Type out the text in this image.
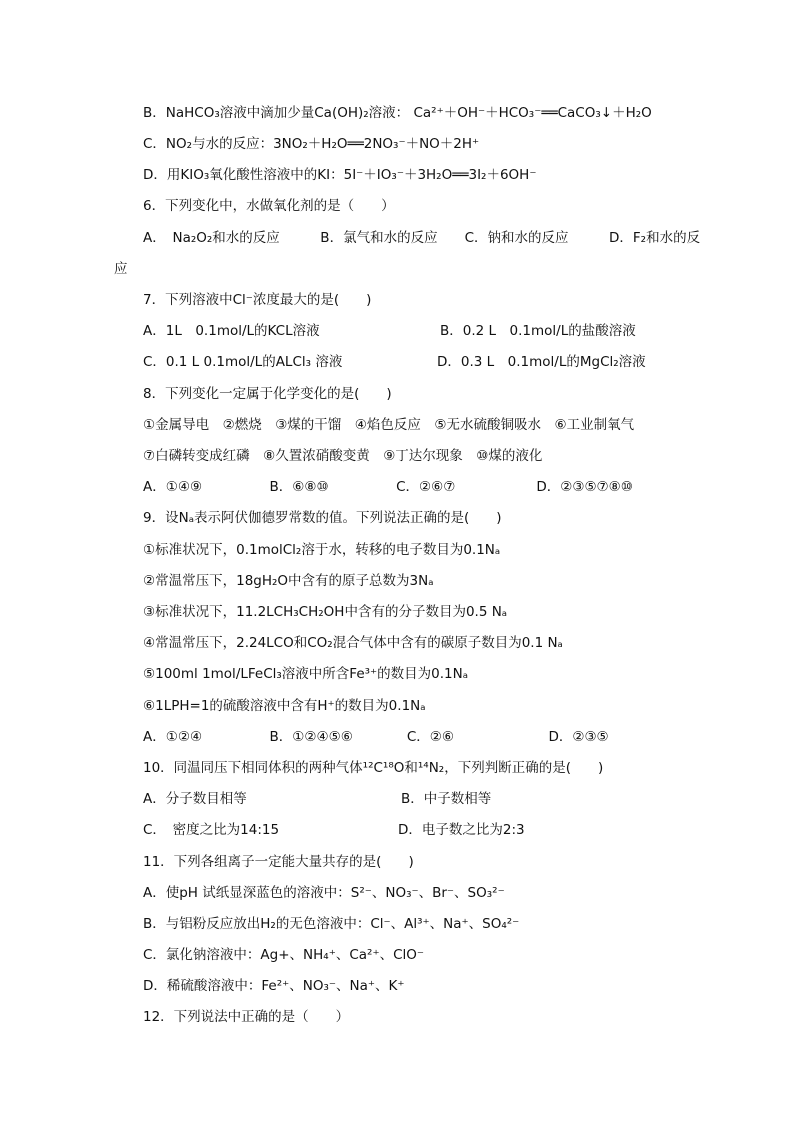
B．NaHCO₃溶液中滴加少量Ca(OH)₂溶液： Ca²⁺＋OH⁻＋HCO₃⁻══CaCO₃↓＋H₂O
C．NO₂与水的反应：3NO₂＋H₂O══2NO₃⁻＋NO＋2H⁺
D．用KIO₃氧化酸性溶液中的KI：5I⁻＋IO₃⁻＋3H₂O══3I₂＋6OH⁻
6．下列变化中，水做氧化剂的是（　　）
A．　Na₂O₂和水的反应　　　B．氯气和水的反应　　C．钠和水的反应　　　D．F₂和水的反
应
7．下列溶液中Cl⁻浓度最大的是(　　)
A．1L　0.1mol/L的KCL溶液	B．0.2 L　0.1mol/L的盐酸溶液
C．0.1 L 0.1mol/L的ALCl₃ 溶液	D．0.3 L　0.1mol/L的MgCl₂溶液
8．下列变化一定属于化学变化的是(　　)
①金属导电　②燃烧　③煤的干馏　④焰色反应　⑤无水硫酸铜吸水　⑥工业制氧气
⑦白磷转变成红磷　⑧久置浓硝酸变黄　⑨丁达尔现象　⑩煤的液化
A．①④⑨　　　　　B．⑥⑧⑩　　　　　C．②⑥⑦　　　　　　D．②③⑤⑦⑧⑩
9．设Nₐ表示阿伏伽德罗常数的值。下列说法正确的是(　　)
①标准状况下，0.1molCl₂溶于水，转移的电子数目为0.1Nₐ
②常温常压下，18gH₂O中含有的原子总数为3Nₐ
③标准状况下，11.2LCH₃CH₂OH中含有的分子数目为0.5 Nₐ
④常温常压下，2.24LCO和CO₂混合气体中含有的碳原子数目为0.1 Nₐ
⑤100ml 1mol/LFeCl₃溶液中所含Fe³⁺的数目为0.1Nₐ
⑥1LPH=1的硫酸溶液中含有H⁺的数目为0.1Nₐ
A．①②④　　　　　B．①②④⑤⑥　　　　C．②⑥　　　　　　　D．②③⑤
10．同温同压下相同体积的两种气体¹²C¹⁸O和¹⁴N₂，下列判断正确的是(　　)
A．分子数目相等	B．中子数相等
C．　密度之比为14:15	D．电子数之比为2:3
11．下列各组离子一定能大量共存的是(　　)
A．使pH 试纸显深蓝色的溶液中：S²⁻、NO₃⁻、Br⁻、SO₃²⁻
B．与铝粉反应放出H₂的无色溶液中：Cl⁻、Al³⁺、Na⁺、SO₄²⁻
C．氯化钠溶液中：Ag+、NH₄⁺、Ca²⁺、ClO⁻
D．稀硫酸溶液中：Fe²⁺、NO₃⁻、Na⁺、K⁺
12．下列说法中正确的是（　　）
